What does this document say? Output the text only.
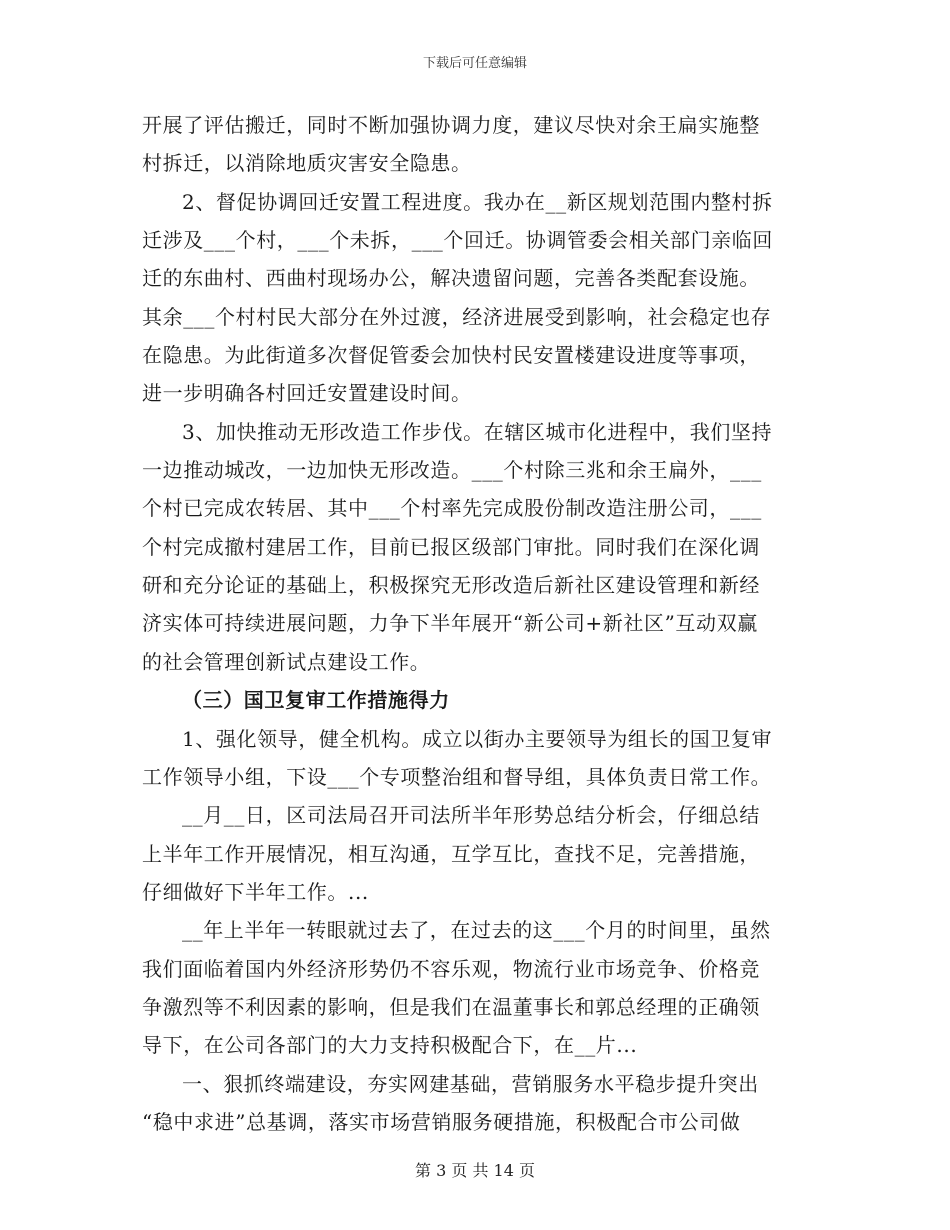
下载后可任意编辑
开展了评估搬迁，同时不断加强协调力度，建议尽快对余王扁实施整
村拆迁，以消除地质灾害安全隐患。
2、督促协调回迁安置工程进度。我办在__新区规划范围内整村拆
迁涉及___个村，___个未拆，___个回迁。协调管委会相关部门亲临回
迁的东曲村、西曲村现场办公，解决遗留问题，完善各类配套设施。
其余___个村村民大部分在外过渡，经济进展受到影响，社会稳定也存
在隐患。为此街道多次督促管委会加快村民安置楼建设进度等事项，
进一步明确各村回迁安置建设时间。
3、加快推动无形改造工作步伐。在辖区城市化进程中，我们坚持
一边推动城改，一边加快无形改造。___个村除三兆和余王扁外，___
个村已完成农转居、其中___个村率先完成股份制改造注册公司，___
个村完成撤村建居工作，目前已报区级部门审批。同时我们在深化调
研和充分论证的基础上，积极探究无形改造后新社区建设管理和新经
济实体可持续进展问题，力争下半年展开“新公司+新社区”互动双赢
的社会管理创新试点建设工作。
（三）国卫复审工作措施得力
1、强化领导，健全机构。成立以街办主要领导为组长的国卫复审
工作领导小组，下设___个专项整治组和督导组，具体负责日常工作。
__月__日，区司法局召开司法所半年形势总结分析会，仔细总结
上半年工作开展情况，相互沟通，互学互比，查找不足，完善措施，
仔细做好下半年工作。...
__年上半年一转眼就过去了，在过去的这___个月的时间里，虽然
我们面临着国内外经济形势仍不容乐观，物流行业市场竞争、价格竞
争激烈等不利因素的影响，但是我们在温董事长和郭总经理的正确领
导下，在公司各部门的大力支持积极配合下，在__片...
一、狠抓终端建设，夯实网建基础，营销服务水平稳步提升突出
“稳中求进”总基调，落实市场营销服务硬措施，积极配合市公司做
第 3 页 共 14 页
